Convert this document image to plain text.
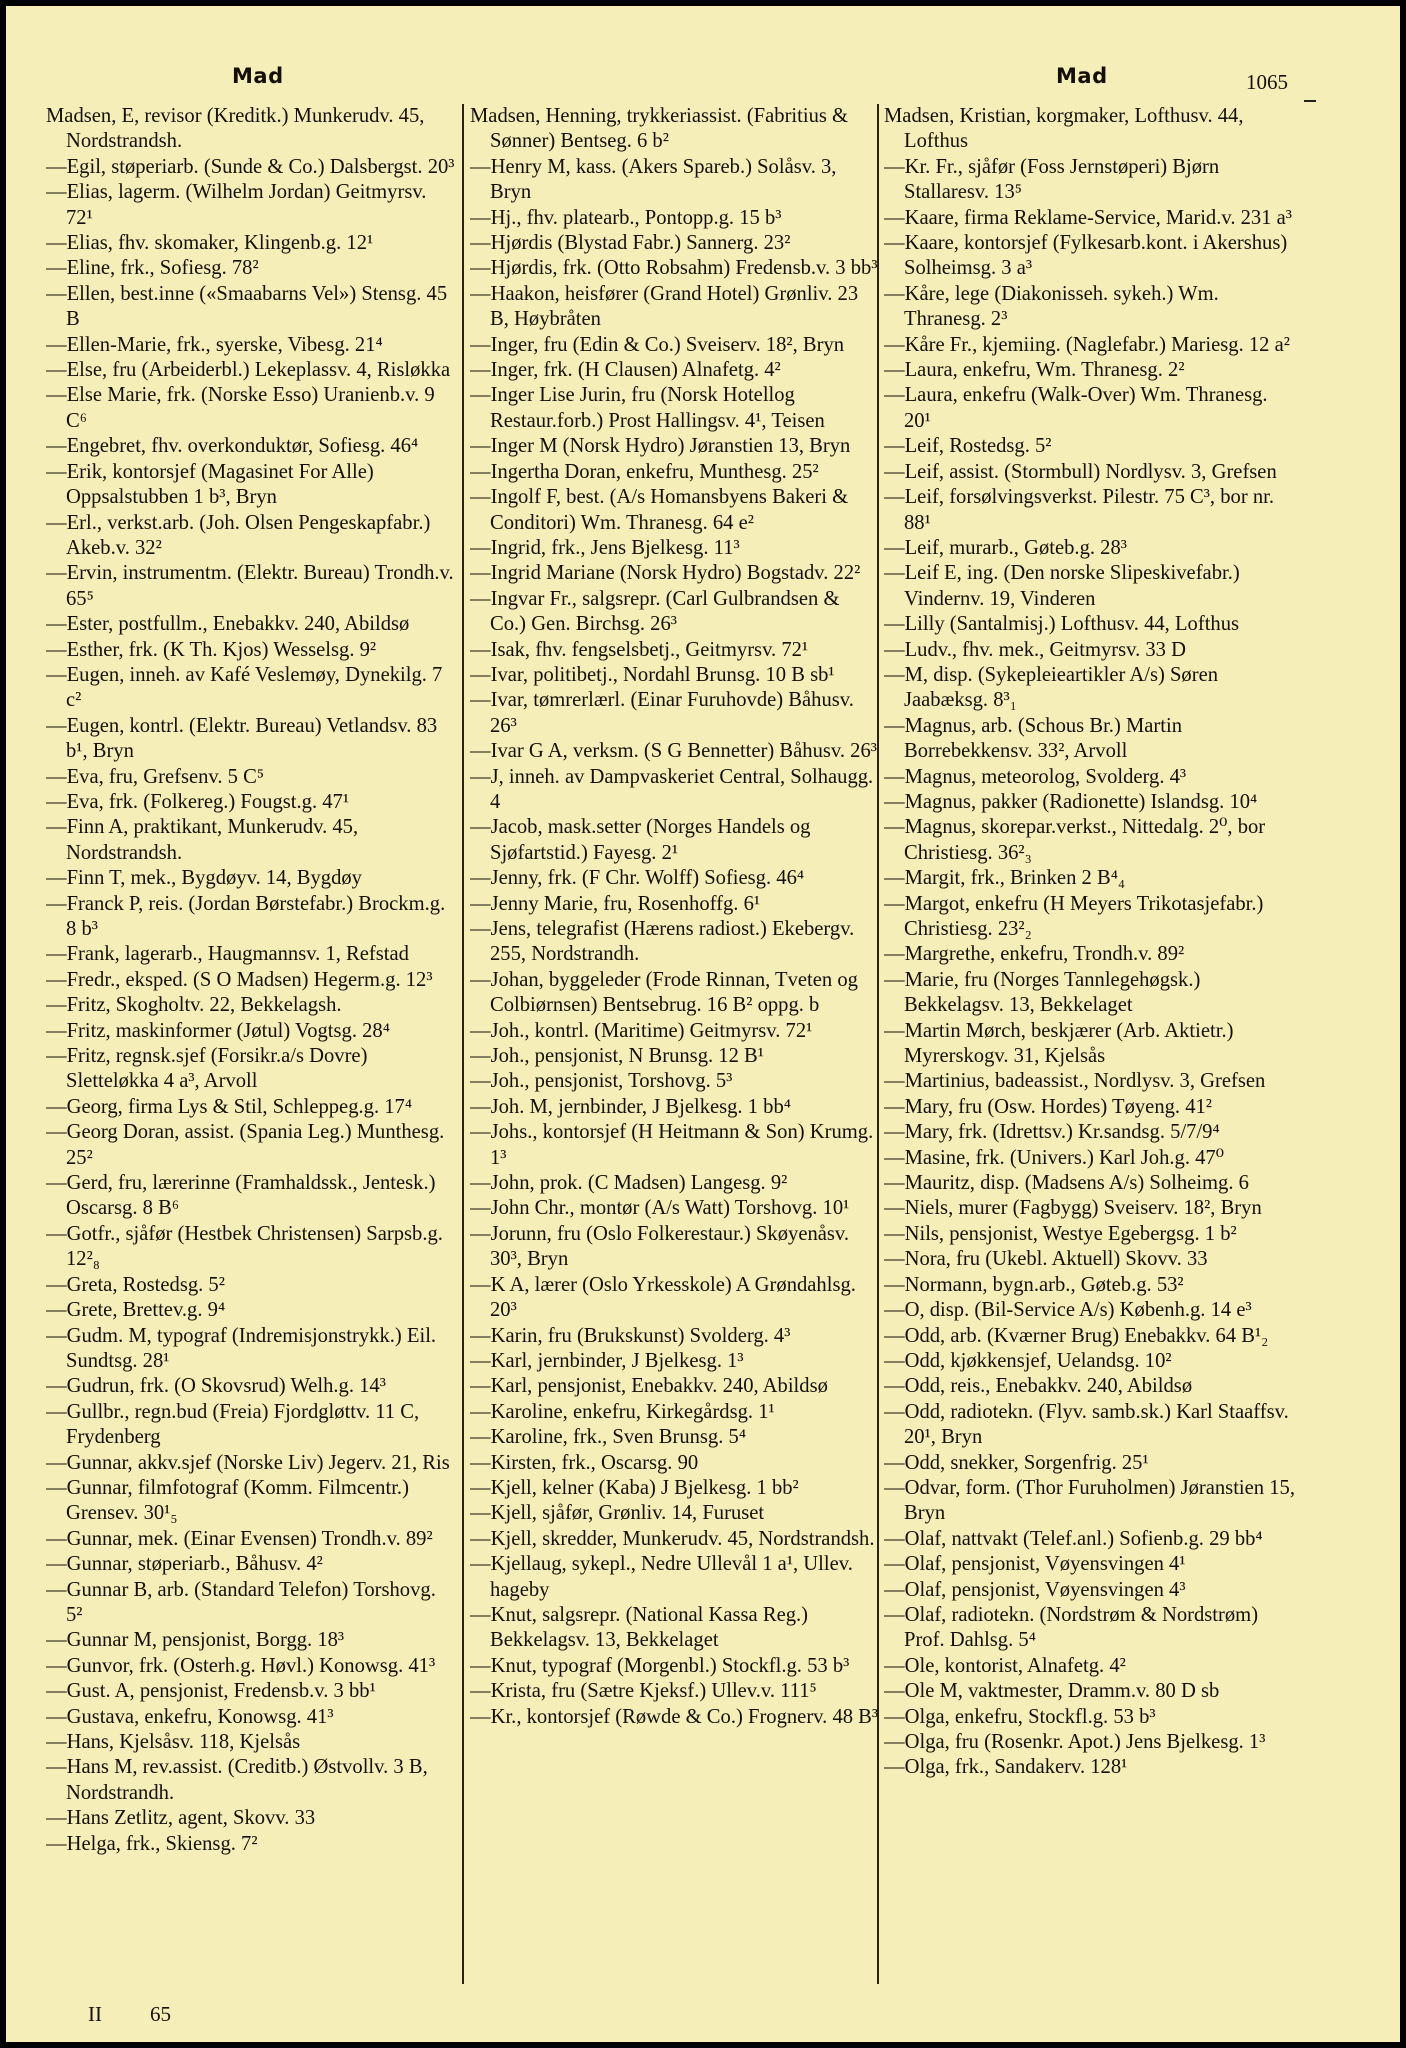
Mad	Mad	1065
Madsen, E, revisor (Kreditk.) Munkerudv. 45, Nordstrandsh.
—Egil, støperiarb. (Sunde & Co.) Dalsbergst. 20³
—Elias, lagerm. (Wilhelm Jordan) Geitmyrsv. 72¹
—Elias, fhv. skomaker, Klingenb.g. 12¹
—Eline, frk., Sofiesg. 78²
—Ellen, best.inne («Smaabarns Vel») Stensg. 45 B
—Ellen-Marie, frk., syerske, Vibesg. 21⁴
—Else, fru (Arbeiderbl.) Lekeplassv. 4, Risløkka
—Else Marie, frk. (Norske Esso) Uranienb.v. 9 C⁶
—Engebret, fhv. overkonduktør, Sofiesg. 46⁴
—Erik, kontorsjef (Magasinet For Alle) Oppsalstubben 1 b³, Bryn
—Erl., verkst.arb. (Joh. Olsen Pengeskapfabr.) Akeb.v. 32²
—Ervin, instrumentm. (Elektr. Bureau) Trondh.v. 65⁵
—Ester, postfullm., Enebakkv. 240, Abildsø
—Esther, frk. (K Th. Kjos) Wesselsg. 9²
—Eugen, inneh. av Kafé Veslemøy, Dynekilg. 7 c²
—Eugen, kontrl. (Elektr. Bureau) Vetlandsv. 83 b¹, Bryn
—Eva, fru, Grefsenv. 5 C⁵
—Eva, frk. (Folkereg.) Fougst.g. 47¹
—Finn A, praktikant, Munkerudv. 45, Nordstrandsh.
—Finn T, mek., Bygdøyv. 14, Bygdøy
—Franck P, reis. (Jordan Børstefabr.) Brockm.g. 8 b³
—Frank, lagerarb., Haugmannsv. 1, Refstad
—Fredr., eksped. (S O Madsen) Hegerm.g. 12³
—Fritz, Skogholtv. 22, Bekkelagsh.
—Fritz, maskinformer (Jøtul) Vogtsg. 28⁴
—Fritz, regnsk.sjef (Forsikr.a/s Dovre) Sletteløkka 4 a³, Arvoll
—Georg, firma Lys & Stil, Schleppeg.g. 17⁴
—Georg Doran, assist. (Spania Leg.) Munthesg. 25²
—Gerd, fru, lærerinne (Framhaldssk., Jentesk.) Oscarsg. 8 B⁶
—Gotfr., sjåfør (Hestbek Christensen) Sarpsb.g. 12²₈
—Greta, Rostedsg. 5²
—Grete, Brettev.g. 9⁴
—Gudm. M, typograf (Indremisjonstrykk.) Eil. Sundtsg. 28¹
—Gudrun, frk. (O Skovsrud) Welh.g. 14³
—Gullbr., regn.bud (Freia) Fjordgløttv. 11 C, Frydenberg
—Gunnar, akkv.sjef (Norske Liv) Jegerv. 21, Ris
—Gunnar, filmfotograf (Komm. Filmcentr.) Grensev. 30¹₅
—Gunnar, mek. (Einar Evensen) Trondh.v. 89²
—Gunnar, støperiarb., Båhusv. 4²
—Gunnar B, arb. (Standard Telefon) Torshovg. 5²
—Gunnar M, pensjonist, Borgg. 18³
—Gunvor, frk. (Osterh.g. Høvl.) Konowsg. 41³
—Gust. A, pensjonist, Fredensb.v. 3 bb¹
—Gustava, enkefru, Konowsg. 41³
—Hans, Kjelsåsv. 118, Kjelsås
—Hans M, rev.assist. (Creditb.) Østvollv. 3 B, Nordstrandh.
—Hans Zetlitz, agent, Skovv. 33
—Helga, frk., Skiensg. 7²
Madsen, Henning, trykkeriassist. (Fabritius & Sønner) Bentseg. 6 b²
—Henry M, kass. (Akers Spareb.) Solåsv. 3, Bryn
—Hj., fhv. platearb., Pontopp.g. 15 b³
—Hjørdis (Blystad Fabr.) Sannerg. 23²
—Hjørdis, frk. (Otto Robsahm) Fredensb.v. 3 bb³
—Haakon, heisfører (Grand Hotel) Grønliv. 23 B, Høybråten
—Inger, fru (Edin & Co.) Sveiserv. 18², Bryn
—Inger, frk. (H Clausen) Alnafetg. 4²
—Inger Lise Jurin, fru (Norsk Hotellog Restaur.forb.) Prost Hallingsv. 4¹, Teisen
—Inger M (Norsk Hydro) Jøranstien 13, Bryn
—Ingertha Doran, enkefru, Munthesg. 25²
—Ingolf F, best. (A/s Homansbyens Bakeri & Conditori) Wm. Thranesg. 64 e²
—Ingrid, frk., Jens Bjelkesg. 11³
—Ingrid Mariane (Norsk Hydro) Bogstadv. 22²
—Ingvar Fr., salgsrepr. (Carl Gulbrandsen & Co.) Gen. Birchsg. 26³
—Isak, fhv. fengselsbetj., Geitmyrsv. 72¹
—Ivar, politibetj., Nordahl Brunsg. 10 B sb¹
—Ivar, tømrerlærl. (Einar Furuhovde) Båhusv. 26³
—Ivar G A, verksm. (S G Bennetter) Båhusv. 26³
—J, inneh. av Dampvaskeriet Central, Solhaugg. 4
—Jacob, mask.setter (Norges Handels og Sjøfartstid.) Fayesg. 2¹
—Jenny, frk. (F Chr. Wolff) Sofiesg. 46⁴
—Jenny Marie, fru, Rosenhoffg. 6¹
—Jens, telegrafist (Hærens radiost.) Ekebergv. 255, Nordstrandh.
—Johan, byggeleder (Frode Rinnan, Tveten og Colbiørnsen) Bentsebrug. 16 B² oppg. b
—Joh., kontrl. (Maritime) Geitmyrsv. 72¹
—Joh., pensjonist, N Brunsg. 12 B¹
—Joh., pensjonist, Torshovg. 5³
—Joh. M, jernbinder, J Bjelkesg. 1 bb⁴
—Johs., kontorsjef (H Heitmann & Son) Krumg. 1³
—John, prok. (C Madsen) Langesg. 9²
—John Chr., montør (A/s Watt) Torshovg. 10¹
—Jorunn, fru (Oslo Folkerestaur.) Skøyenåsv. 30³, Bryn
—K A, lærer (Oslo Yrkesskole) A Grøndahlsg. 20³
—Karin, fru (Brukskunst) Svolderg. 4³
—Karl, jernbinder, J Bjelkesg. 1³
—Karl, pensjonist, Enebakkv. 240, Abildsø
—Karoline, enkefru, Kirkegårdsg. 1¹
—Karoline, frk., Sven Brunsg. 5⁴
—Kirsten, frk., Oscarsg. 90
—Kjell, kelner (Kaba) J Bjelkesg. 1 bb²
—Kjell, sjåfør, Grønliv. 14, Furuset
—Kjell, skredder, Munkerudv. 45, Nordstrandsh.
—Kjellaug, sykepl., Nedre Ullevål 1 a¹, Ullev. hageby
—Knut, salgsrepr. (National Kassa Reg.) Bekkelagsv. 13, Bekkelaget
—Knut, typograf (Morgenbl.) Stockfl.g. 53 b³
—Krista, fru (Sætre Kjeksf.) Ullev.v. 111⁵
—Kr., kontorsjef (Røwde & Co.) Frognerv. 48 B³
Madsen, Kristian, korgmaker, Lofthusv. 44, Lofthus
—Kr. Fr., sjåfør (Foss Jernstøperi) Bjørn Stallaresv. 13⁵
—Kaare, firma Reklame-Service, Marid.v. 231 a³
—Kaare, kontorsjef (Fylkesarb.kont. i Akershus) Solheimsg. 3 a³
—Kåre, lege (Diakonisseh. sykeh.) Wm. Thranesg. 2³
—Kåre Fr., kjemiing. (Naglefabr.) Mariesg. 12 a²
—Laura, enkefru, Wm. Thranesg. 2²
—Laura, enkefru (Walk-Over) Wm. Thranesg. 20¹
—Leif, Rostedsg. 5²
—Leif, assist. (Stormbull) Nordlysv. 3, Grefsen
—Leif, forsølvingsverkst. Pilestr. 75 C³, bor nr. 88¹
—Leif, murarb., Gøteb.g. 28³
—Leif E, ing. (Den norske Slipeskivefabr.) Vindernv. 19, Vinderen
—Lilly (Santalmisj.) Lofthusv. 44, Lofthus
—Ludv., fhv. mek., Geitmyrsv. 33 D
—M, disp. (Sykepleieartikler A/s) Søren Jaabæksg. 8³₁
—Magnus, arb. (Schous Br.) Martin Borrebekkensv. 33², Arvoll
—Magnus, meteorolog, Svolderg. 4³
—Magnus, pakker (Radionette) Islandsg. 10⁴
—Magnus, skorepar.verkst., Nittedalg. 2⁰, bor Christiesg. 36²₃
—Margit, frk., Brinken 2 B⁴₄
—Margot, enkefru (H Meyers Trikotasjefabr.) Christiesg. 23²₂
—Margrethe, enkefru, Trondh.v. 89²
—Marie, fru (Norges Tannlegehøgsk.) Bekkelagsv. 13, Bekkelaget
—Martin Mørch, beskjærer (Arb. Aktietr.) Myrerskogv. 31, Kjelsås
—Martinius, badeassist., Nordlysv. 3, Grefsen
—Mary, fru (Osw. Hordes) Tøyeng. 41²
—Mary, frk. (Idrettsv.) Kr.sandsg. 5/7/9⁴
—Masine, frk. (Univers.) Karl Joh.g. 47⁰
—Mauritz, disp. (Madsens A/s) Solheimg. 6
—Niels, murer (Fagbygg) Sveiserv. 18², Bryn
—Nils, pensjonist, Westye Egebergsg. 1 b²
—Nora, fru (Ukebl. Aktuell) Skovv. 33
—Normann, bygn.arb., Gøteb.g. 53²
—O, disp. (Bil-Service A/s) Københ.g. 14 e³
—Odd, arb. (Kværner Brug) Enebakkv. 64 B¹₂
—Odd, kjøkkensjef, Uelandsg. 10²
—Odd, reis., Enebakkv. 240, Abildsø
—Odd, radiotekn. (Flyv. samb.sk.) Karl Staaffsv. 20¹, Bryn
—Odd, snekker, Sorgenfrig. 25¹
—Odvar, form. (Thor Furuholmen) Jøranstien 15, Bryn
—Olaf, nattvakt (Telef.anl.) Sofienb.g. 29 bb⁴
—Olaf, pensjonist, Vøyensvingen 4¹
—Olaf, pensjonist, Vøyensvingen 4³
—Olaf, radiotekn. (Nordstrøm & Nordstrøm) Prof. Dahlsg. 5⁴
—Ole, kontorist, Alnafetg. 4²
—Ole M, vaktmester, Dramm.v. 80 D sb
—Olga, enkefru, Stockfl.g. 53 b³
—Olga, fru (Rosenkr. Apot.) Jens Bjelkesg. 1³
—Olga, frk., Sandakerv. 128¹
II 65
